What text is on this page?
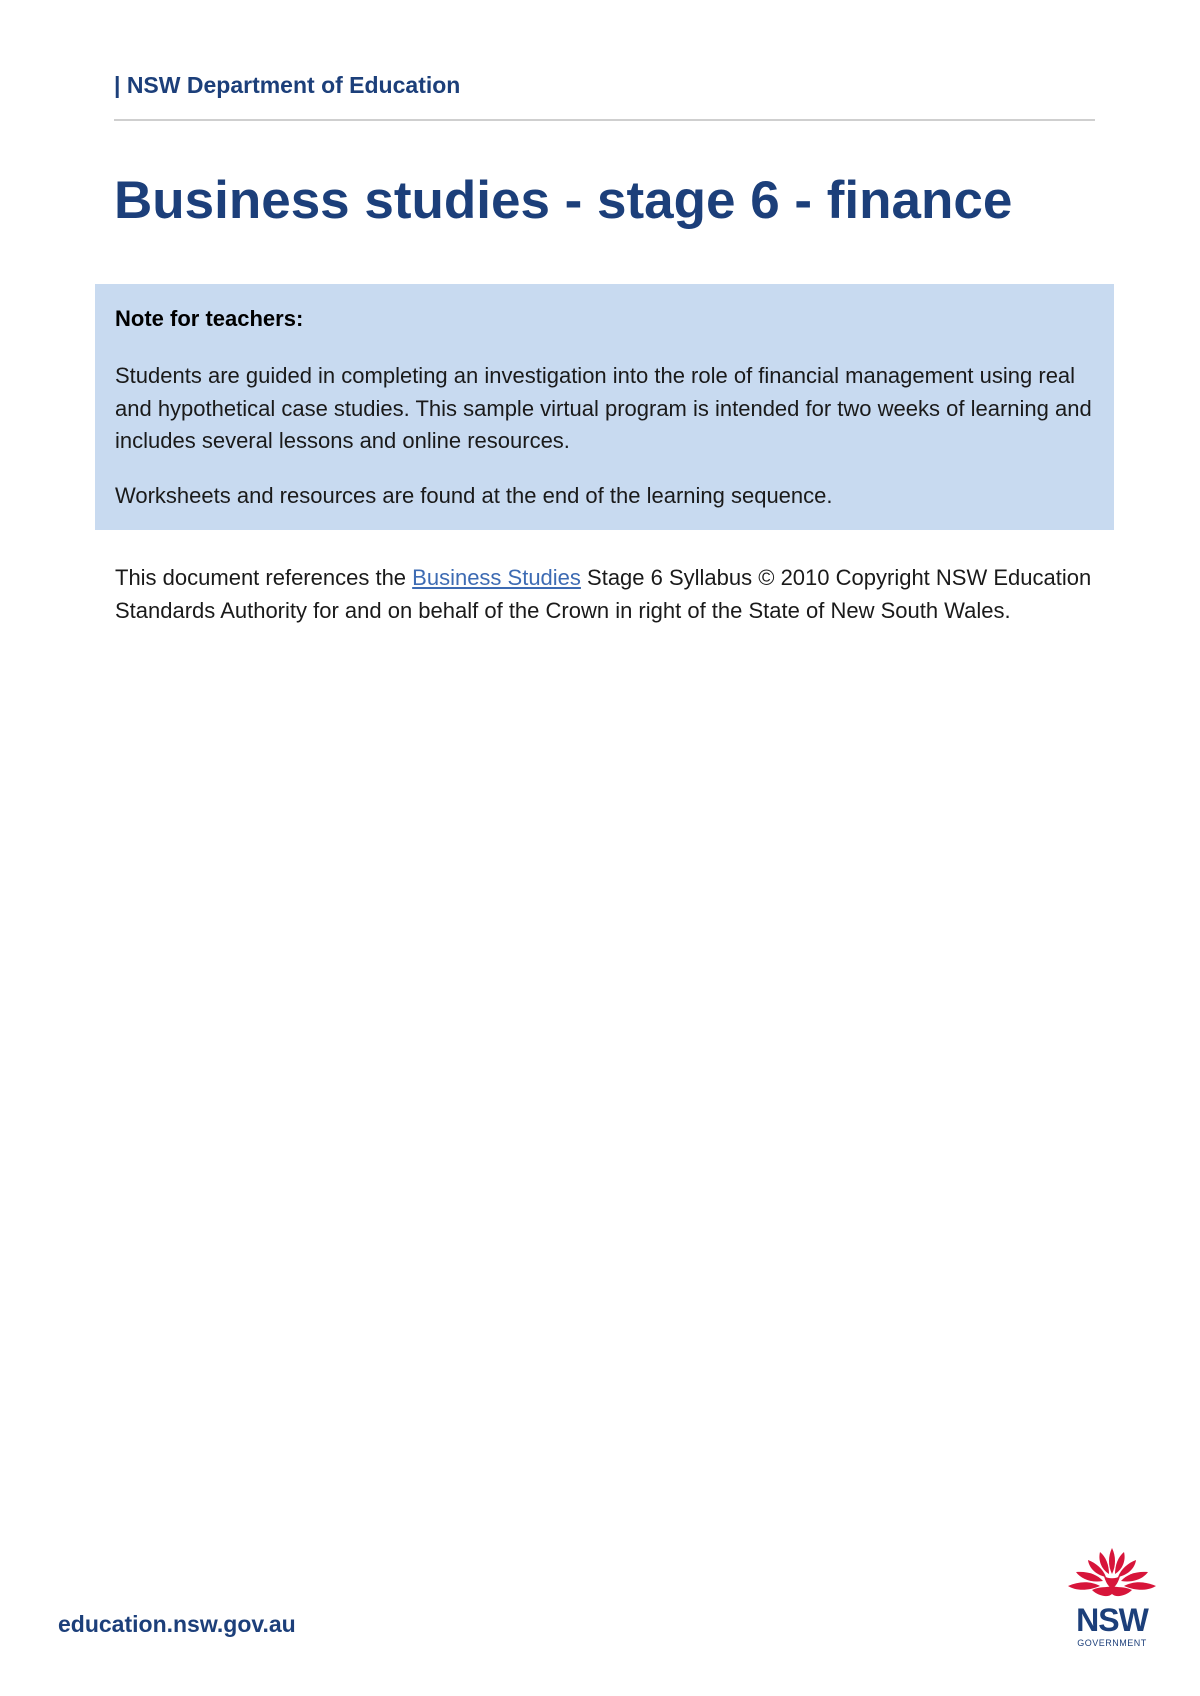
| NSW Department of Education
Business studies - stage 6 - finance

Note for teachers:

Students are guided in completing an investigation into the role of financial management using real and hypothetical case studies. This sample virtual program is intended for two weeks of learning and includes several lessons and online resources.

Worksheets and resources are found at the end of the learning sequence.

This document references the Business Studies Stage 6 Syllabus © 2010 Copyright NSW Education Standards Authority for and on behalf of the Crown in right of the State of New South Wales.

education.nsw.gov.au	NSW
GOVERNMENT
